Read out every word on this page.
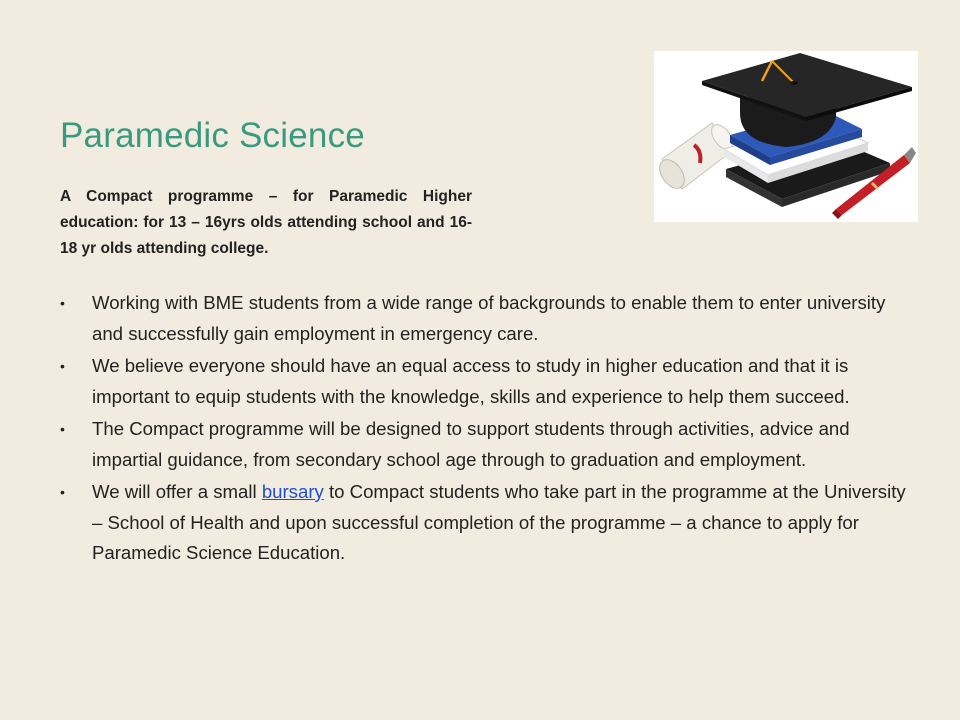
Paramedic Science
A Compact programme – for Paramedic Higher education: for 13 – 16yrs olds attending school and 16-18 yr olds attending college.
•	Working with BME students from a wide range of backgrounds to enable them to enter university and successfully gain employment in emergency care.
•	We believe everyone should have an equal access to study in higher education and that it is important to equip students with the knowledge, skills and experience to help them succeed.
•	The Compact programme will be designed to support students through activities, advice and impartial guidance, from secondary school age through to graduation and employment.
•	We will offer a small bursary to Compact students who take part in the programme at the University – School of Health and upon successful completion of the programme – a chance to apply for Paramedic Science Education.
